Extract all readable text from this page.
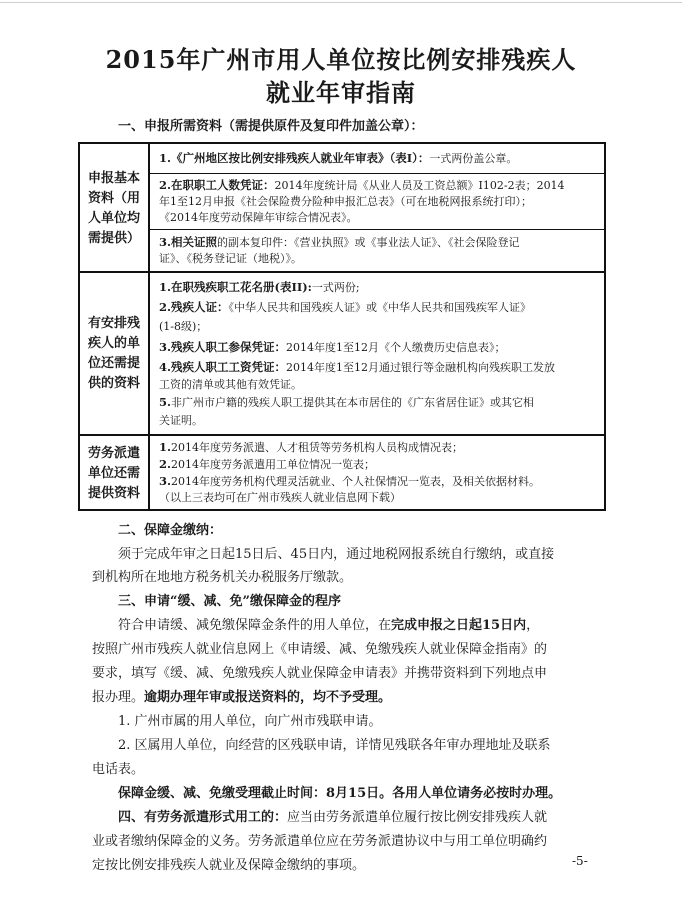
2015年广州市用人单位按比例安排残疾人
就业年审指南
一、申报所需资料（需提供原件及复印件加盖公章）：
申报基本
资料（用
人单位均
需提供）
1.《广州地区按比例安排残疾人就业年审表》（表I）：一式两份盖公章。
2.在职职工人数凭证：2014年度统计局《从业人员及工资总额》I102-2表；2014
年1至12月申报《社会保险费分险种申报汇总表》（可在地税网报系统打印）；
《2014年度劳动保障年审综合情况表》。
3.相关证照的副本复印件：《营业执照》或《事业法人证》、《社会保险登记
证》、《税务登记证（地税）》。
有安排残
疾人的单
位还需提
供的资料
1.在职残疾职工花名册(表II):一式两份;
2.残疾人证：《中华人民共和国残疾人证》或《中华人民共和国残疾军人证》
(1-8级)；
3.残疾人职工参保凭证：2014年度1至12月《个人缴费历史信息表》；
4.残疾人职工工资凭证：2014年度1至12月通过银行等金融机构向残疾职工发放
工资的清单或其他有效凭证。
5.非广州市户籍的残疾人职工提供其在本市居住的《广东省居住证》或其它相
关证明。
劳务派遣
单位还需
提供资料
1.2014年度劳务派遣、人才租赁等劳务机构人员构成情况表；
2.2014年度劳务派遣用工单位情况一览表；
3.2014年度劳务机构代理灵活就业、个人社保情况一览表，及相关依据材料。
（以上三表均可在广州市残疾人就业信息网下载）
二、保障金缴纳：
须于完成年审之日起15日后、45日内，通过地税网报系统自行缴纳，或直接
到机构所在地地方税务机关办税服务厅缴款。
三、申请“缓、减、免”缴保障金的程序
符合申请缓、减免缴保障金条件的用人单位，在完成申报之日起15日内，
按照广州市残疾人就业信息网上《申请缓、减、免缴残疾人就业保障金指南》的
要求，填写《缓、减、免缴残疾人就业保障金申请表》并携带资料到下列地点申
报办理。逾期办理年审或报送资料的，均不予受理。
1. 广州市属的用人单位，向广州市残联申请。
2. 区属用人单位，向经营的区残联申请，详情见残联各年审办理地址及联系
电话表。
保障金缓、减、免缴受理截止时间：8月15日。各用人单位请务必按时办理。
四、有劳务派遣形式用工的：应当由劳务派遣单位履行按比例安排残疾人就
业或者缴纳保障金的义务。劳务派遣单位应在劳务派遣协议中与用工单位明确约
定按比例安排残疾人就业及保障金缴纳的事项。	-5-
